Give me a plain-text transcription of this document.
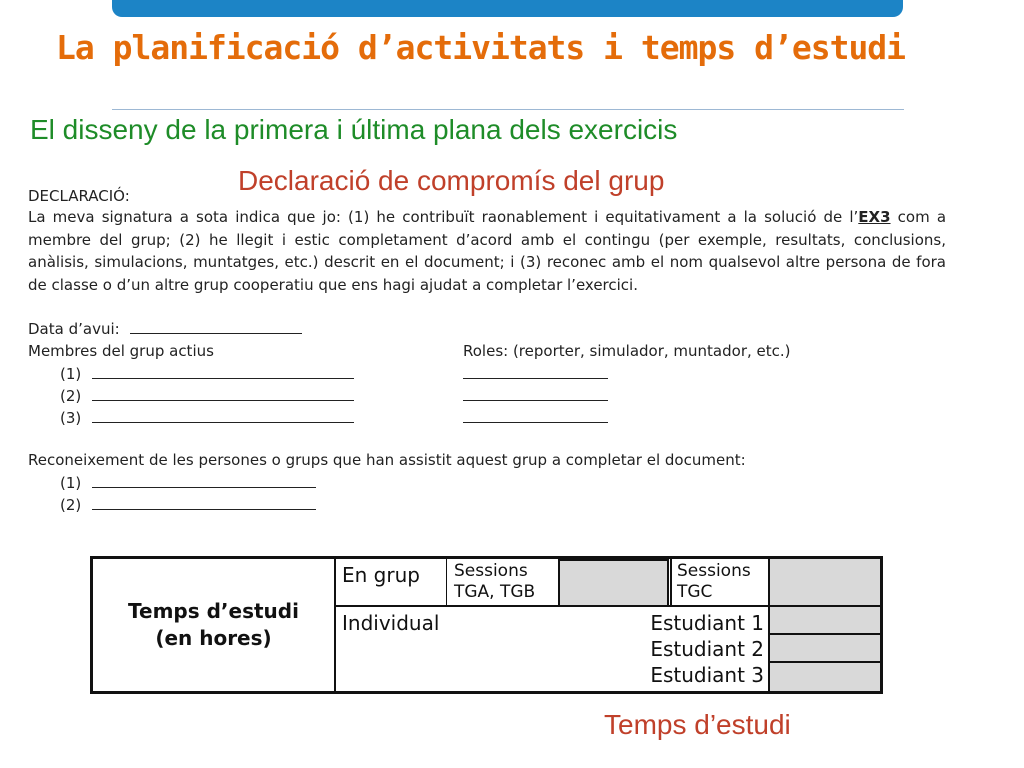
La planificació d’activitats i temps d’estudi
El disseny de la primera i última plana dels exercicis
DECLARACIÓ:

La meva signatura a sota indica que jo: (1) he contribuït raonablement i equitativament a la solució de l’EX3 com a membre del grup; (2) he llegit i estic completament d’acord amb el contingu (per exemple, resultats, conclusions, anàlisis, simulacions, muntatges, etc.) descrit en el document; i (3) reconec amb el nom qualsevol altre persona de fora de classe o d’un altre grup cooperatiu que ens hagi ajudat a completar l’exercici.

Data d’avui:
Membres del grup actius	Roles: (reporter, simulador, muntador, etc.)
(1)
(2)
(3)
Reconeixement de les persones o grups que han assistit aquest grup a completar el document:
(1)
(2)
Declaració de compromís del grup
Temps d’estudi
(en hores)
En grup Sessions
TGA, TGB
Sessions
TGC
Individual	Estudiant 1
Estudiant 2
Estudiant 3
Temps d’estudi
